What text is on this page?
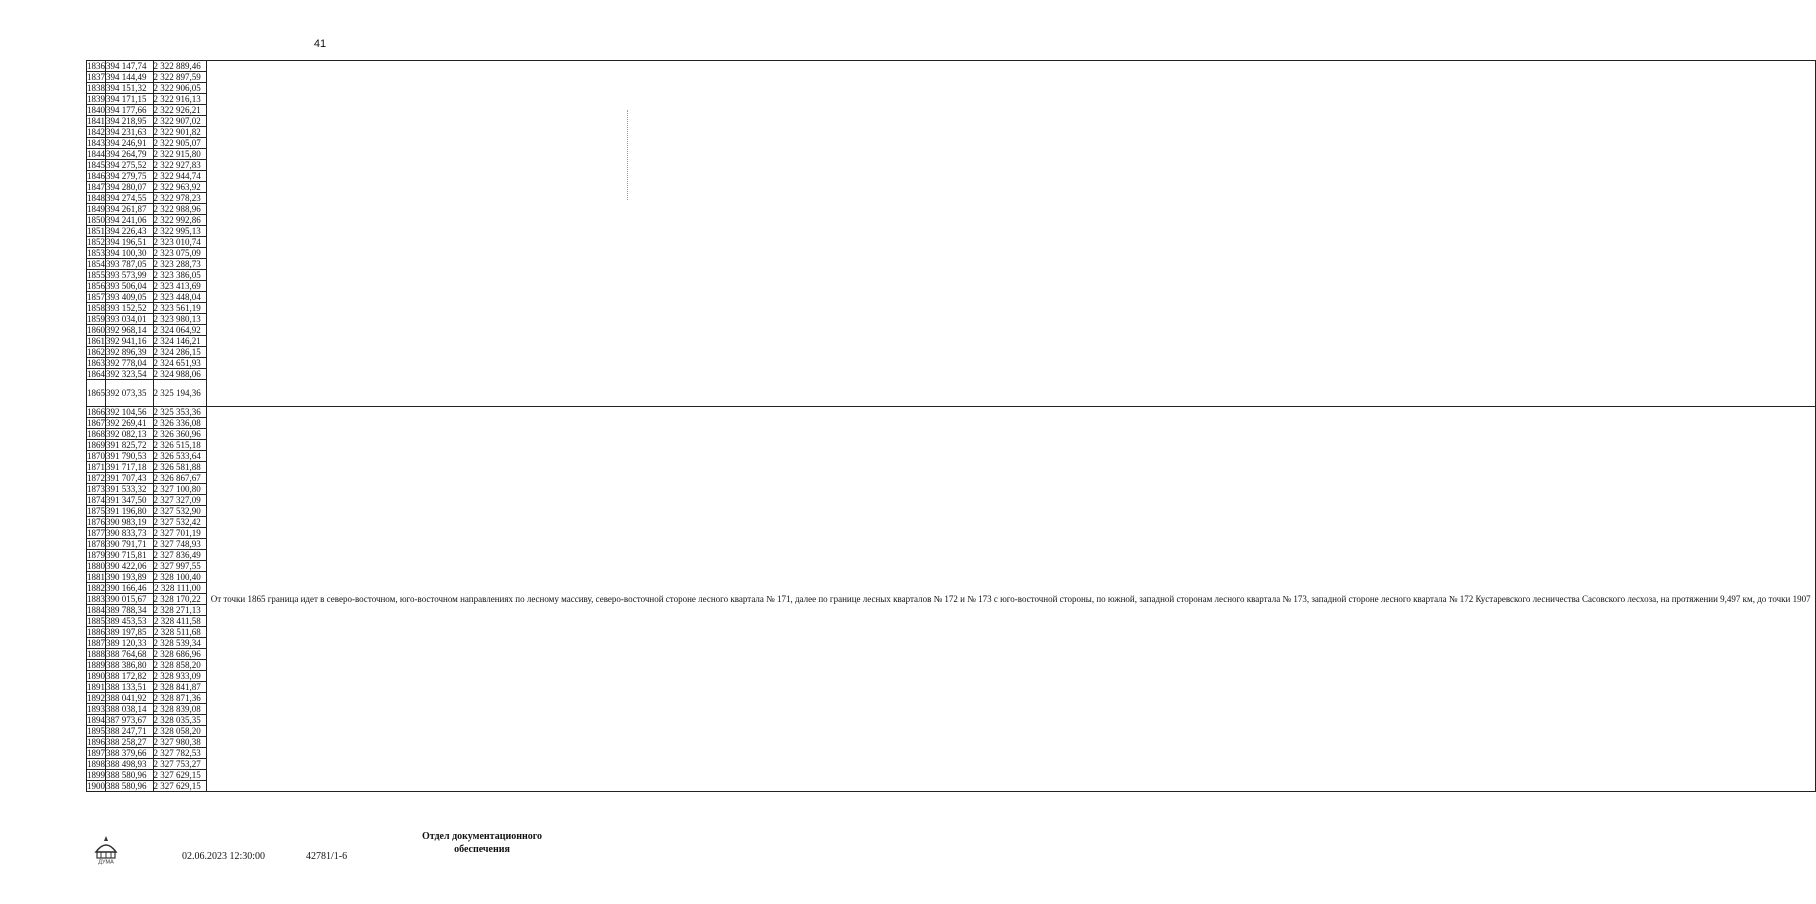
41
1836	394 147,74	2 322 889,46	
1837	394 144,49	2 322 897,59	
1838	394 151,32	2 322 906,05	
1839	394 171,15	2 322 916,13	
1840	394 177,66	2 322 926,21	
1841	394 218,95	2 322 907,02	
1842	394 231,63	2 322 901,82	
1843	394 246,91	2 322 905,07	
1844	394 264,79	2 322 915,80	
1845	394 275,52	2 322 927,83	
1846	394 279,75	2 322 944,74	
1847	394 280,07	2 322 963,92	
1848	394 274,55	2 322 978,23	
1849	394 261,87	2 322 988,96	
1850	394 241,06	2 322 992,86	
1851	394 226,43	2 322 995,13	
1852	394 196,51	2 323 010,74	
1853	394 100,30	2 323 075,09	
1854	393 787,05	2 323 288,73	
1855	393 573,99	2 323 386,05	
1856	393 506,04	2 323 413,69	
1857	393 409,05	2 323 448,04	
1858	393 152,52	2 323 561,19	
1859	393 034,01	2 323 980,13	
1860	392 968,14	2 324 064,92	
1861	392 941,16	2 324 146,21	
1862	392 896,39	2 324 286,15	
1863	392 778,04	2 324 651,93	
1864	392 323,54	2 324 988,06	
1865	392 073,35	2 325 194,36	
1866	392 104,56	2 325 353,36	От точки 1865 граница идет в северо-восточном, юго-восточном направлениях по лесному массиву, северо-восточной стороне лесного квартала № 171, далее по границе лесных кварталов № 172 и № 173 с юго-восточной стороны, по южной, западной сторонам лесного квартала № 173, западной стороне лесного квартала № 172 Кустаревского лесничества Сасовского лесхоза, на протяжении 9,497 км, до точки 1907
1867	392 269,41	2 326 336,08	
1868	392 082,13	2 326 360,96	
1869	391 825,72	2 326 515,18	
1870	391 790,53	2 326 533,64	
1871	391 717,18	2 326 581,88	
1872	391 707,43	2 326 867,67	
1873	391 533,32	2 327 100,80	
1874	391 347,50	2 327 327,09	
1875	391 196,80	2 327 532,90	
1876	390 983,19	2 327 532,42	
1877	390 833,73	2 327 701,19	
1878	390 791,71	2 327 748,93	
1879	390 715,81	2 327 836,49	
1880	390 422,06	2 327 997,55	
1881	390 193,89	2 328 100,40	
1882	390 166,46	2 328 111,00	
1883	390 015,67	2 328 170,22	
1884	389 788,34	2 328 271,13	
1885	389 453,53	2 328 411,58	
1886	389 197,85	2 328 511,68	
1887	389 120,33	2 328 539,34	
1888	388 764,68	2 328 686,96	
1889	388 386,80	2 328 858,20	
1890	388 172,82	2 328 933,09	
1891	388 133,51	2 328 841,87	
1892	388 041,92	2 328 871,36	
1893	388 038,14	2 328 839,08	
1894	387 973,67	2 328 035,35	
1895	388 247,71	2 328 058,20	
1896	388 258,27	2 327 980,38	
1897	388 379,66	2 327 782,53	
1898	388 498,93	2 327 753,27	
1899	388 580,96	2 327 629,15	
1900	388 580,96	2 327 629,15	
ДУМА
02.06.2023 12:30:00	42781/1-6
Отдел документационного обеспечения
